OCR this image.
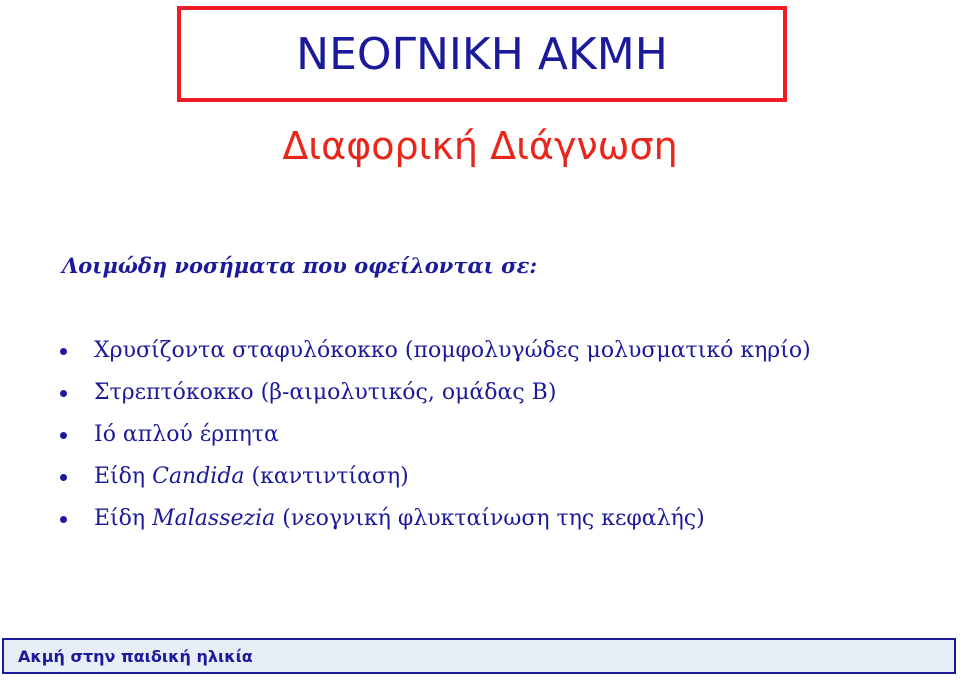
ΝΕΟΓΝΙΚΗ ΑΚΜΗ
Διαφορική Διάγνωση
Λοιμώδη νοσήματα που οφείλονται σε:
Χρυσίζοντα σταφυλόκοκκο (πομφολυγώδες μολυσματικό κηρίο)
Στρεπτόκοκκο (β-αιμολυτικός, ομάδας Β)
Ιό απλού έρπητα
Είδη Candida (καντιντίαση)
Είδη Malassezia (νεογνική φλυκταίνωση της κεφαλής)
Ακμή στην παιδική ηλικία
